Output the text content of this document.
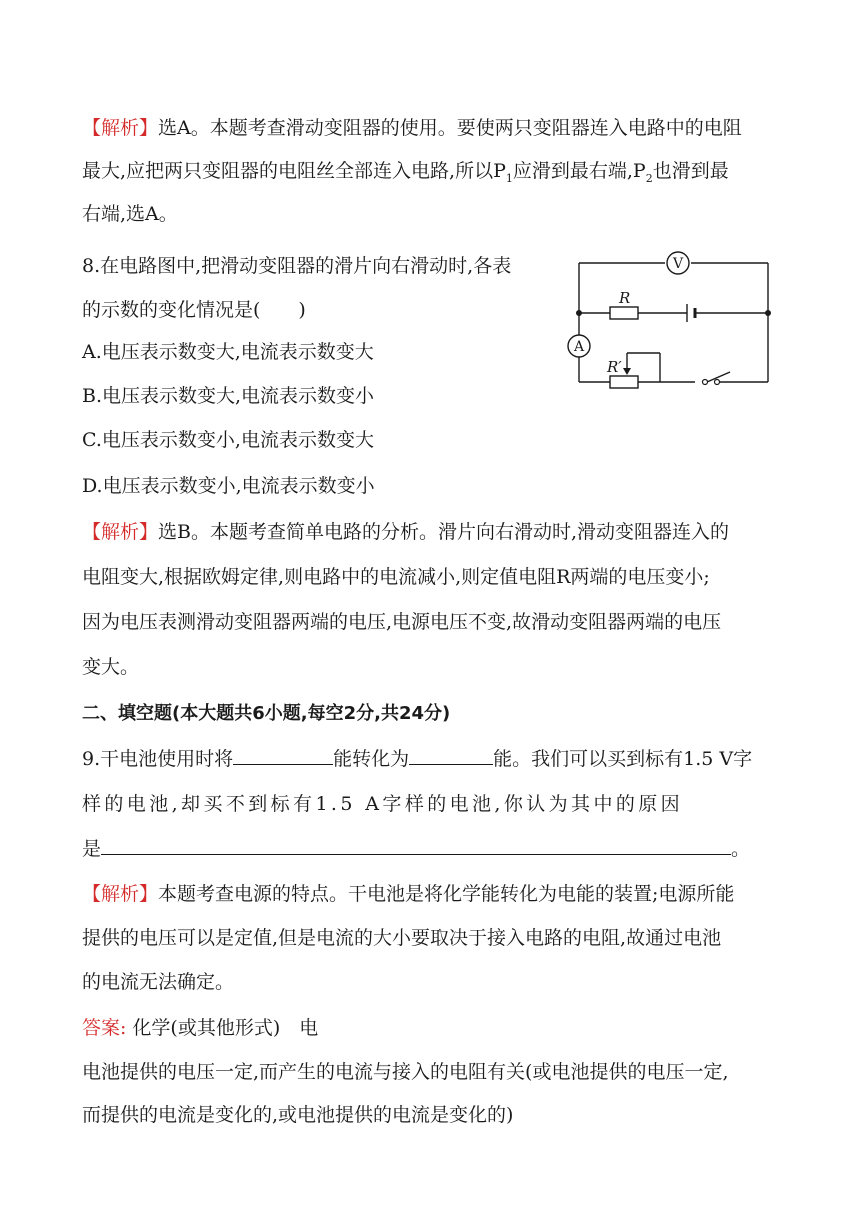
【解析】选A。本题考查滑动变阻器的使用。要使两只变阻器连入电路中的电阻
最大,应把两只变阻器的电阻丝全部连入电路,所以$P_1$应滑到最右端$,P_2$也滑到最
右端,选A。
8.在电路图中,把滑动变阻器的滑片向右滑动时,各表
的示数的变化情况是(　　)
A.电压表示数变大,电流表示数变大
B.电压表示数变大,电流表示数变小
C.电压表示数变小,电流表示数变大
D.电压表示数变小,电流表示数变小
V
A
R
R′
【解析】选B。本题考查简单电路的分析。滑片向右滑动时,滑动变阻器连入的
电阻变大,根据欧姆定律,则电路中的电流减小,则定值电阻R两端的电压变小;
因为电压表测滑动变阻器两端的电压,电源电压不变,故滑动变阻器两端的电压
变大。
二、填空题(本大题共6小题,每空2分,共24分)
9.干电池使用时将	能转化为	能。我们可以买到标有1.5 V字
样的电池,却买不到标有1.5 A字样的电池,你认为其中的原因
是	。
【解析】本题考查电源的特点。干电池是将化学能转化为电能的装置;电源所能
提供的电压可以是定值,但是电流的大小要取决于接入电路的电阻,故通过电池
的电流无法确定。
答案: 化学(或其他形式)　电
电池提供的电压一定,而产生的电流与接入的电阻有关(或电池提供的电压一定,
而提供的电流是变化的,或电池提供的电流是变化的)
